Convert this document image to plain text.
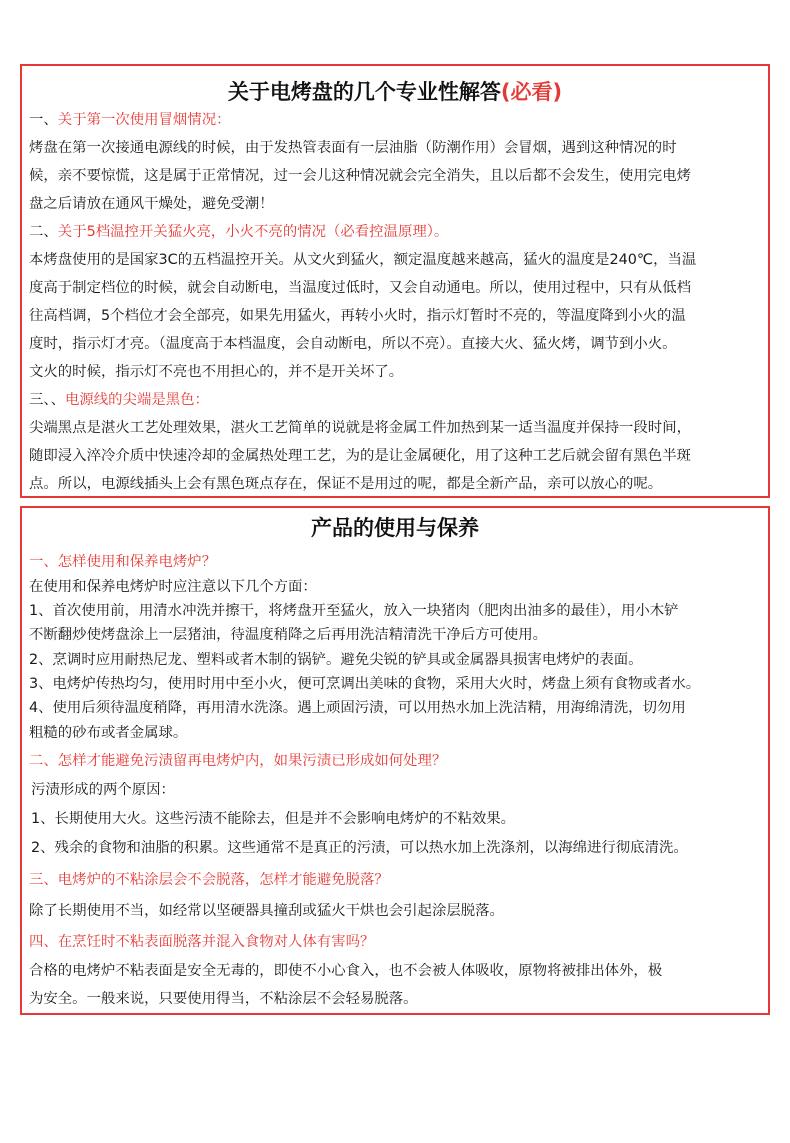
关于电烤盘的几个专业性解答(必看)
一、关于第一次使用冒烟情况：
烤盘在第一次接通电源线的时候，由于发热管表面有一层油脂（防潮作用）会冒烟，遇到这种情况的时
候，亲不要惊慌，这是属于正常情况，过一会儿这种情况就会完全消失，且以后都不会发生，使用完电烤
盘之后请放在通风干燥处，避免受潮！
二、关于5档温控开关猛火亮，小火不亮的情况（必看控温原理）。
本烤盘使用的是国家3C的五档温控开关。从文火到猛火，额定温度越来越高，猛火的温度是240℃，当温
度高于制定档位的时候，就会自动断电，当温度过低时，又会自动通电。所以，使用过程中，只有从低档
往高档调，5个档位才会全部亮，如果先用猛火，再转小火时，指示灯暂时不亮的，等温度降到小火的温
度时，指示灯才亮。（温度高于本档温度，会自动断电，所以不亮）。直接大火、猛火烤，调节到小火。
文火的时候，指示灯不亮也不用担心的，并不是开关坏了。
三、、电源线的尖端是黑色：
尖端黑点是湛火工艺处理效果，湛火工艺简单的说就是将金属工件加热到某一适当温度并保持一段时间，
随即浸入淬冷介质中快速冷却的金属热处理工艺，为的是让金属硬化，用了这种工艺后就会留有黑色半斑
点。所以，电源线插头上会有黑色斑点存在，保证不是用过的呢，都是全新产品，亲可以放心的呢。
产品的使用与保养
一、怎样使用和保养电烤炉？
在使用和保养电烤炉时应注意以下几个方面：
1、首次使用前，用清水冲洗并擦干，将烤盘开至猛火，放入一块猪肉（肥肉出油多的最佳），用小木铲
不断翻炒使烤盘涂上一层猪油，待温度稍降之后再用洗洁精清洗干净后方可使用。
2、烹调时应用耐热尼龙、塑料或者木制的锅铲。避免尖锐的铲具或金属器具损害电烤炉的表面。
3、电烤炉传热均匀，使用时用中至小火，便可烹调出美味的食物，采用大火时，烤盘上须有食物或者水。
4、使用后须待温度稍降，再用清水洗涤。遇上顽固污渍，可以用热水加上洗洁精，用海绵清洗，切勿用
粗糙的砂布或者金属球。
二、怎样才能避免污渍留再电烤炉内，如果污渍已形成如何处理？
污渍形成的两个原因：
1、长期使用大火。这些污渍不能除去，但是并不会影响电烤炉的不粘效果。
2、残余的食物和油脂的积累。这些通常不是真正的污渍，可以热水加上洗涤剂，以海绵进行彻底清洗。
三、电烤炉的不粘涂层会不会脱落，怎样才能避免脱落？
除了长期使用不当，如经常以坚硬器具撞刮或猛火干烘也会引起涂层脱落。
四、在烹饪时不粘表面脱落并混入食物对人体有害吗？
合格的电烤炉不粘表面是安全无毒的，即使不小心食入，也不会被人体吸收，原物将被排出体外，极
为安全。一般来说，只要使用得当，不粘涂层不会轻易脱落。
